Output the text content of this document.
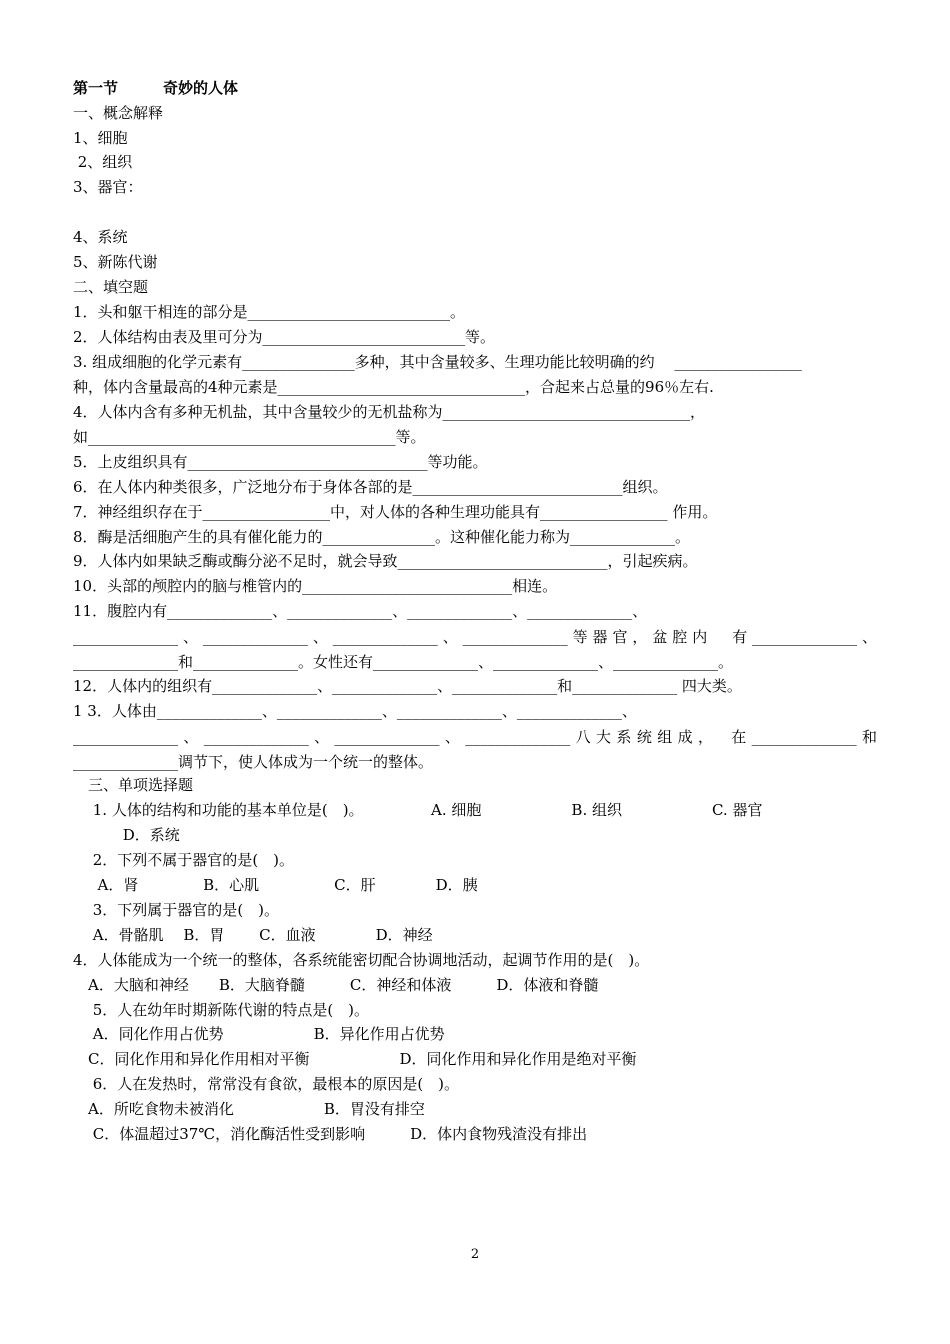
第一节　　　奇妙的人体
一、概念解释
1、细胞
2、组织
3、器官：
4、系统
5、新陈代谢
二、填空题
1．头和躯干相连的部分是___________________________。
2．人体结构由表及里可分为___________________________等。
3. 组成细胞的化学元素有_______________多种，其中含量较多、生理功能比较明确的约　 _________________
种，体内含量最高的4种元素是_________________________________，合起来占总量的96％左右.
4．人体内含有多种无机盐，其中含量较少的无机盐称为_________________________________，
如_________________________________________等。
5．上皮组织具有________________________________等功能。
6．在人体内种类很多，广泛地分布于身体各部的是____________________________组织。
7．神经组织存在于_________________中，对人体的各种生理功能具有_________________ 作用。
8．酶是活细胞产生的具有催化能力的_______________。这种催化能力称为______________。
9．人体内如果缺乏酶或酶分泌不足时，就会导致____________________________，引起疾病。
10．头部的颅腔内的脑与椎管内的____________________________相连。
11．腹腔内有______________、______________、______________、______________、
______________、______________、______________、______________等器官，盆腔内　有______________、______________和______________。女性还有______________、______________、______________。
12．人体内的组织有______________、______________、______________和______________ 四大类。
1 3．人体由______________、______________、______________、______________、
______________、______________、______________、______________八大系统组成，　在______________和______________调节下，使人体成为一个统一的整体。
　三、单项选择题
　 1. 人体的结构和功能的基本单位是(　)。　　　　　A. 细胞　　　　　　B. 组织　　　　　　C. 器官
　　　 D．系统
　 2．下列不属于器官的是(　)。
　  A．肾　　　　 B．心肌　　　　　C．肝　　　　D．胰
　 3．下列属于器官的是(　)。
　 A．骨骼肌　 B．胃　　 C．血液　　　　D．神经
4．人体能成为一个统一的整体，各系统能密切配合协调地活动，起调节作用的是(　)。
　A．大脑和神经　　B．大脑脊髓　　　C．神经和体液　　　D．体液和脊髓
　 5．人在幼年时期新陈代谢的特点是(　)。
　 A．同化作用占优势　　　　　　B．异化作用占优势
　C．同化作用和异化作用相对平衡　　　　　　D．同化作用和异化作用是绝对平衡
　 6．人在发热时，常常没有食欲，最根本的原因是(　)。
　A．所吃食物未被消化　　　　　　B．胃没有排空
　 C．体温超过37℃，消化酶活性受到影响　　　D．体内食物残渣没有排出
2
